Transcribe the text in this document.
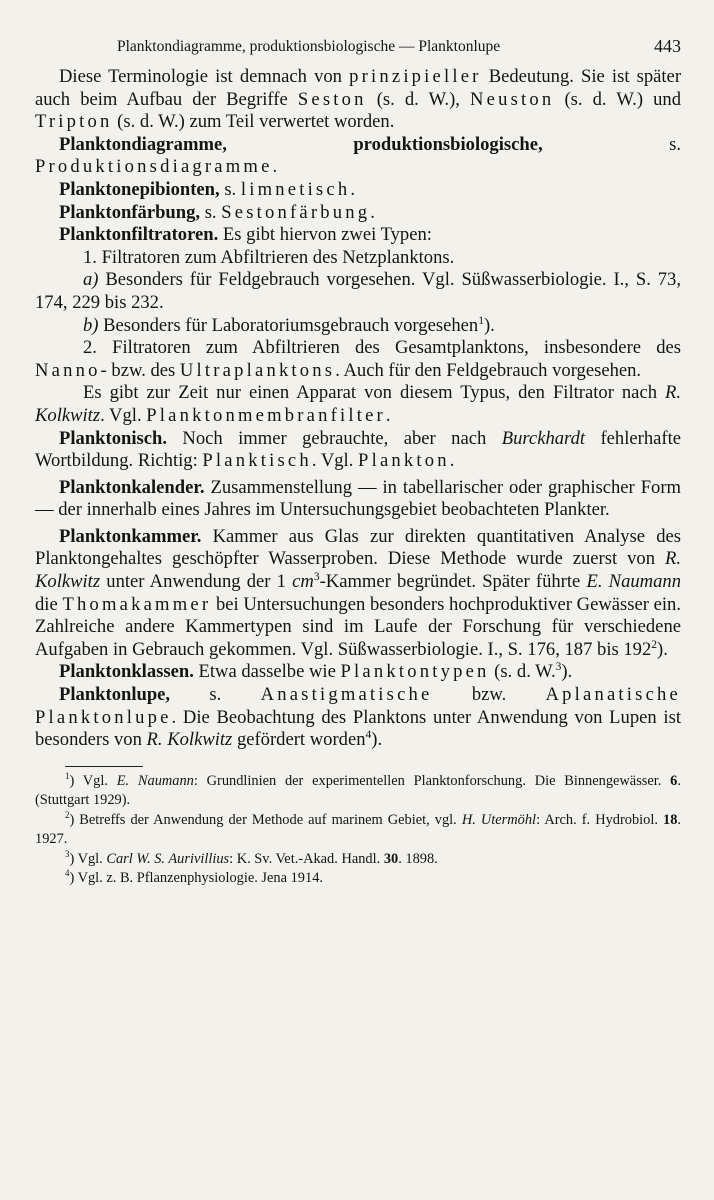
Planktondiagramme, produktionsbiologische — Planktonlupe	443

Diese Terminologie ist demnach von prinzipieller Bedeutung. Sie ist später auch beim Aufbau der Begriffe Seston (s. d. W.), Neuston (s. d. W.) und Tripton (s. d. W.) zum Teil verwertet worden.

Planktondiagramme, produktionsbiologische, s. Produktionsdiagramme.

Planktonepibionten, s. limnetisch.

Planktonfärbung, s. Sestonfärbung.

Planktonfiltratoren. Es gibt hiervon zwei Typen:

1. Filtratoren zum Abfiltrieren des Netzplanktons.

a) Besonders für Feldgebrauch vorgesehen. Vgl. Süßwasserbiologie. I., S. 73, 174, 229 bis 232.

b) Besonders für Laboratoriumsgebrauch vorgesehen$^1$).

2. Filtratoren zum Abfiltrieren des Gesamtplanktons, insbesondere des Nanno- bzw. des Ultraplanktons. Auch für den Feldgebrauch vorgesehen.

Es gibt zur Zeit nur einen Apparat von diesem Typus, den Filtrator nach R. Kolkwitz. Vgl. Planktonmembranfilter.

Planktonisch. Noch immer gebrauchte, aber nach Burckhardt fehlerhafte Wortbildung. Richtig: Planktisch. Vgl. Plankton.

Planktonkalender. Zusammenstellung — in tabellarischer oder graphischer Form — der innerhalb eines Jahres im Untersuchungsgebiet beobachteten Plankter.

Planktonkammer. Kammer aus Glas zur direkten quantitativen Analyse des Planktongehaltes geschöpfter Wasserproben. Diese Methode wurde zuerst von R. Kolkwitz unter Anwendung der 1 $cm^3$-Kammer begründet. Später führte E. Naumann die Thomakammer bei Untersuchungen besonders hochproduktiver Gewässer ein. Zahlreiche andere Kammertypen sind im Laufe der Forschung für verschiedene Aufgaben in Gebrauch gekommen. Vgl. Süßwasserbiologie. I., S. 176, 187 bis $192^2$).

Planktonklassen. Etwa dasselbe wie Planktontypen (s. d. W.$^3$).

Planktonlupe, s. Anastigmatische bzw. Aplanatische Planktonlupe. Die Beobachtung des Planktons unter Anwendung von Lupen ist besonders von R. Kolkwitz gefördert worden$^4$).

$^1$) Vgl. E. Naumann: Grundlinien der experimentellen Planktonforschung. Die Binnengewässer. 6. (Stuttgart 1929).

$^2$) Betreffs der Anwendung der Methode auf marinem Gebiet, vgl. H. Utermöhl: Arch. f. Hydrobiol. 18. 1927.

$^3$) Vgl. Carl W. S. Aurivillius: K. Sv. Vet.-Akad. Handl. 30. 1898.

$^4$) Vgl. z. B. Pflanzenphysiologie. Jena 1914.
